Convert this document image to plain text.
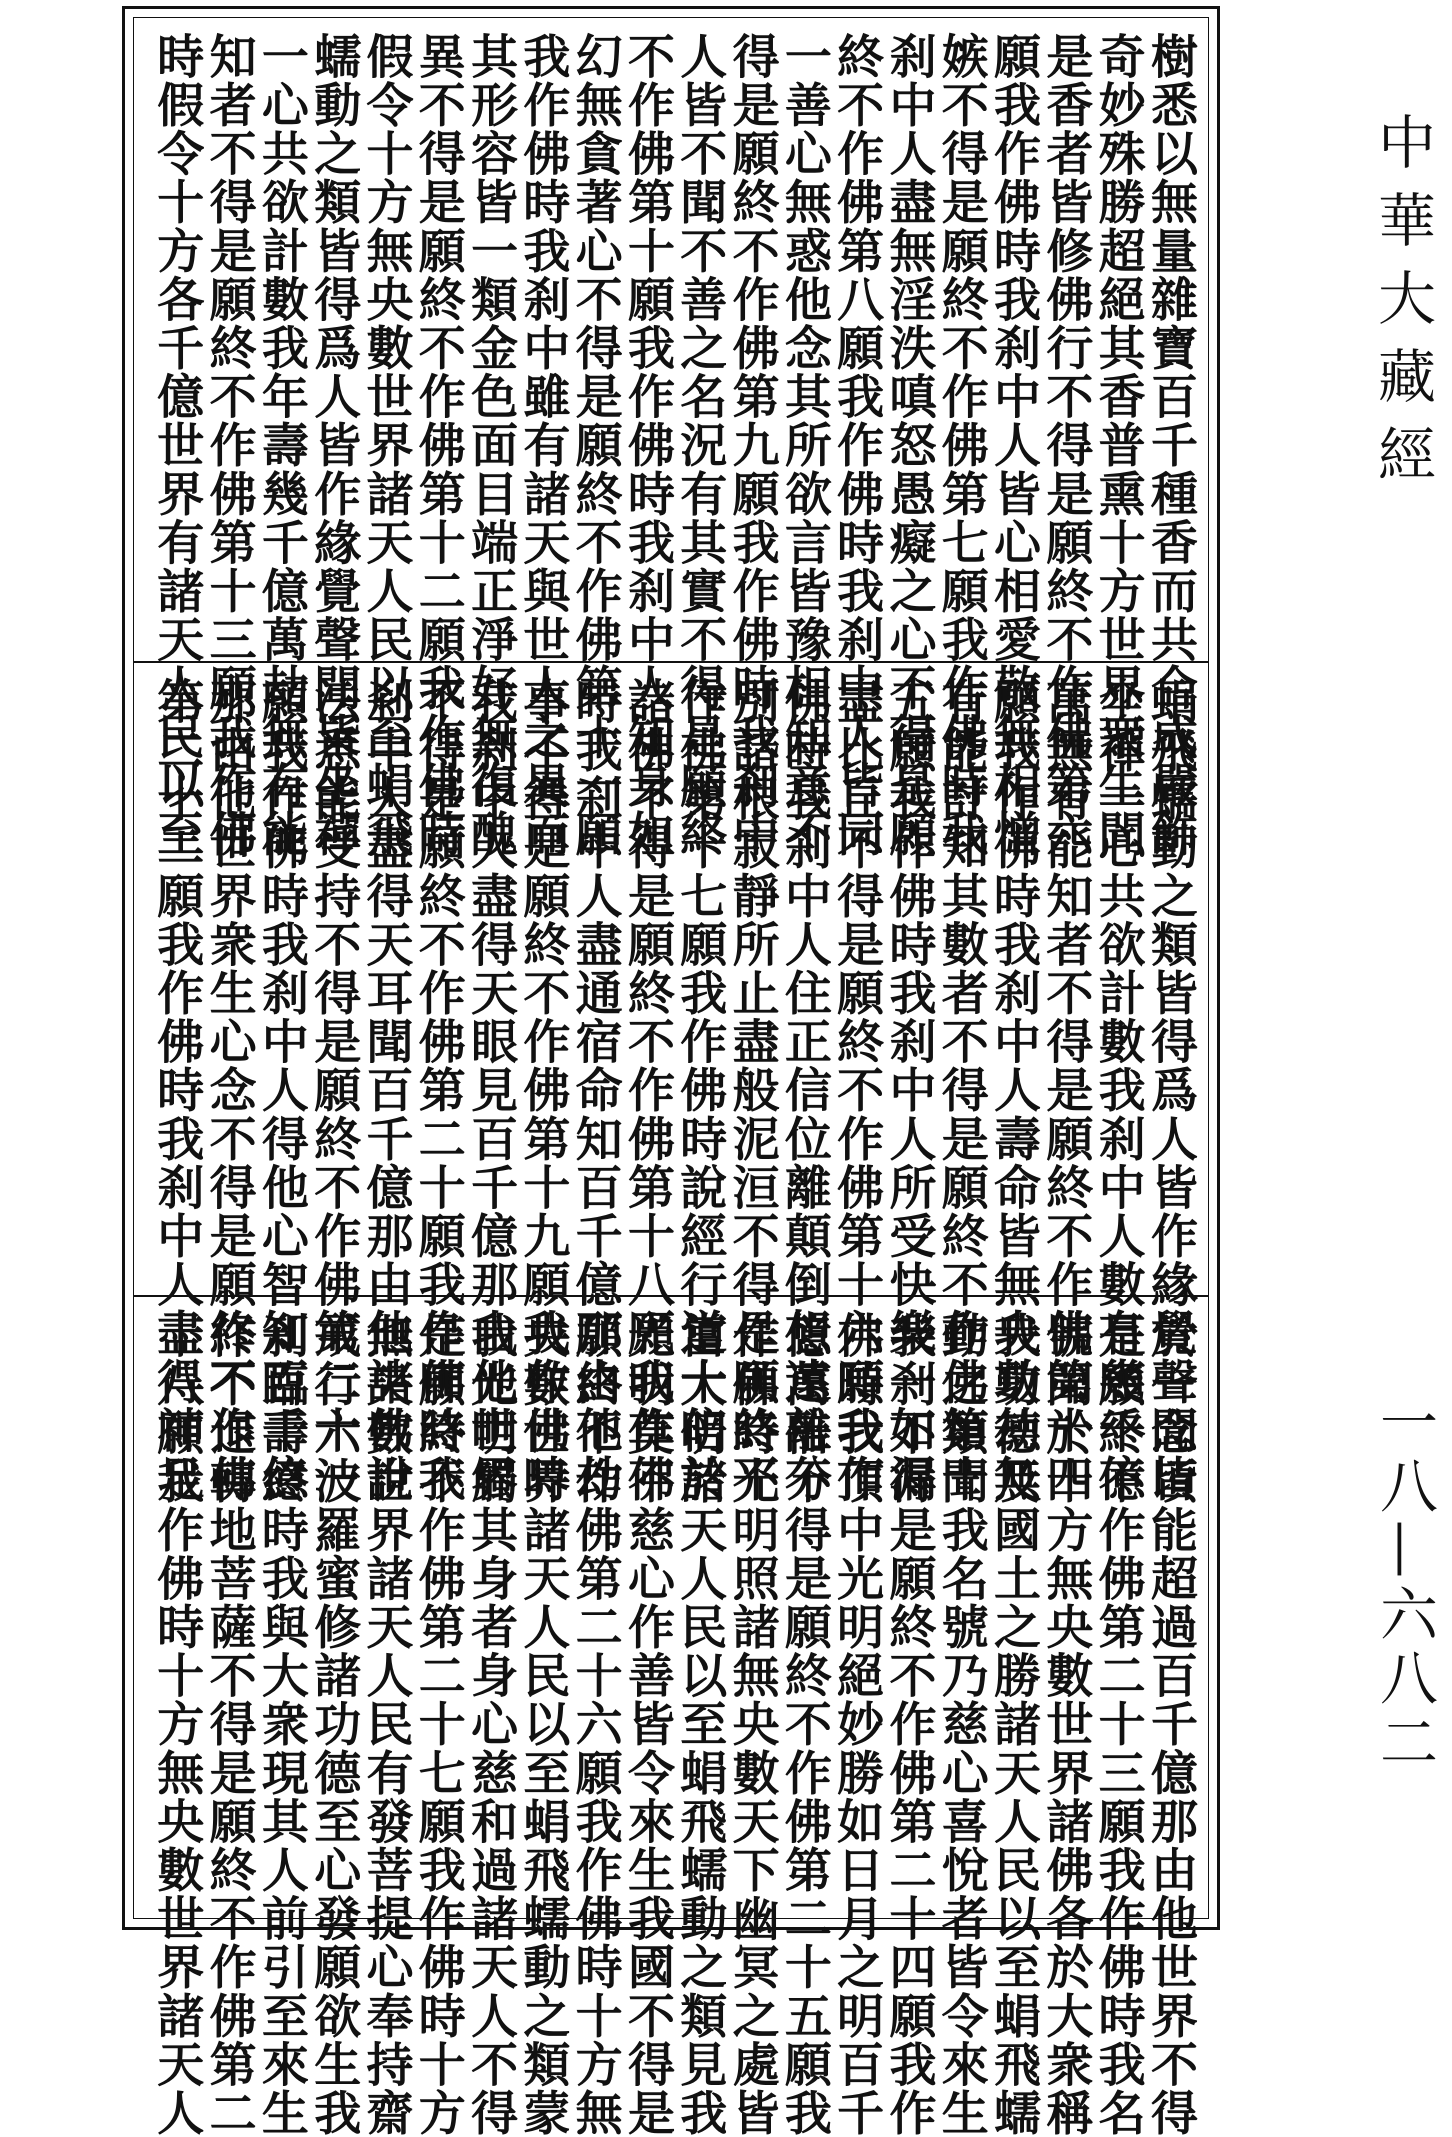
樹悉以無量雜寶百千種香而共合成嚴飾
奇妙殊勝超絕其香普熏十方世界衆生聞
是香者皆修佛行不得是願終不作佛第六
願我作佛時我刹中人皆心相愛敬無相憎
嫉不得是願終不作佛第七願我作佛時我
刹中人盡無淫泆嗔怒愚癡之心不得是願
終不作佛第八願我作佛時我刹中人皆同
一善心無惑他念其所欲言皆豫相知意不
得是願終不作佛第九願我作佛時我刹中
人皆不聞不善之名況有其實不得是願終
不作佛第十願我作佛時我刹中人知身如
幻無貪著心不得是願終不作佛第十一願
我作佛時我刹中雖有諸天與世人之異而
其形容皆一類金色面目端正淨好無復醜
異不得是願終不作佛第十二願我作佛時
假令十方無央數世界諸天人民以至蜎飛
蠕動之類皆得爲人皆作緣覺聲聞皆坐禪
一心共欲計數我年壽幾千億萬劫無有能
知者不得是願終不作佛第十三願我作佛
時假令十方各千億世界有諸天人民以至
蜎飛蠕動之類皆得爲人皆作緣覺聲聞皆
坐禪一心共欲計數我刹中人數有幾千億
萬無有能知者不得是願終不作佛第十四
願我作佛時我刹中人壽命皆無央數劫無
有能計知其數者不得是願終不作佛第十
五願我作佛時我刹中人所受快樂一如漏
盡比丘不得是願終不作佛第十六願我作
佛時我刹中人住正信位離顛倒想遠離分
別諸根寂靜所止盡般泥洹不得是願終不
作佛第十七願我作佛時說經行道十倍於
諸佛不得是願終不作佛第十八願我作佛
時我刹中人盡通宿命知百千億那由他劫
事不得是願終不作佛第十九願我作佛時
我刹中人盡得天眼見百千億那由他世界
不得是願終不作佛第二十願我作佛時我
刹中人盡得天耳聞百千億那由他諸佛說
法悉能受持不得是願終不作佛第二十一
願我作佛時我刹中人得他心智知百千億
那由他世界衆生心念不得是願終不作佛
第二十二願我作佛時我刹中人盡得神足
於一念頃能超過百千億那由他世界不得
是願終不作佛第二十三願我作佛時我名
號聞於十方無央數世界諸佛各於大衆稱
我功德及國土之勝諸天人民以至蜎飛蠕
動之類聞我名號乃慈心喜悅者皆令來生
我刹不得是願終不作佛第二十四願我作
佛時我頂中光明絕妙勝如日月之明百千
億萬倍不得是願終不作佛第二十五願我
作佛時光明照諸無央數天下幽冥之處皆
當大明諸天人民以至蜎飛蠕動之類見我
光明莫不慈心作善皆令來生我國不得是
願終不作佛第二十六願我作佛時十方無
央數世界諸天人民以至蜎飛蠕動之類蒙
我光明觸其身者身心慈和過諸天人不得
是願終不作佛第二十七願我作佛時十方
無央數世界諸天人民有發菩提心奉持齋
戒行六波羅蜜修諸功德至心發願欲生我
刹臨壽終時我與大衆現其人前引至來生
作不退轉地菩薩不得是願終不作佛第二
十八願我作佛時十方無央數世界諸天人
中華大藏經
一八—六八二
